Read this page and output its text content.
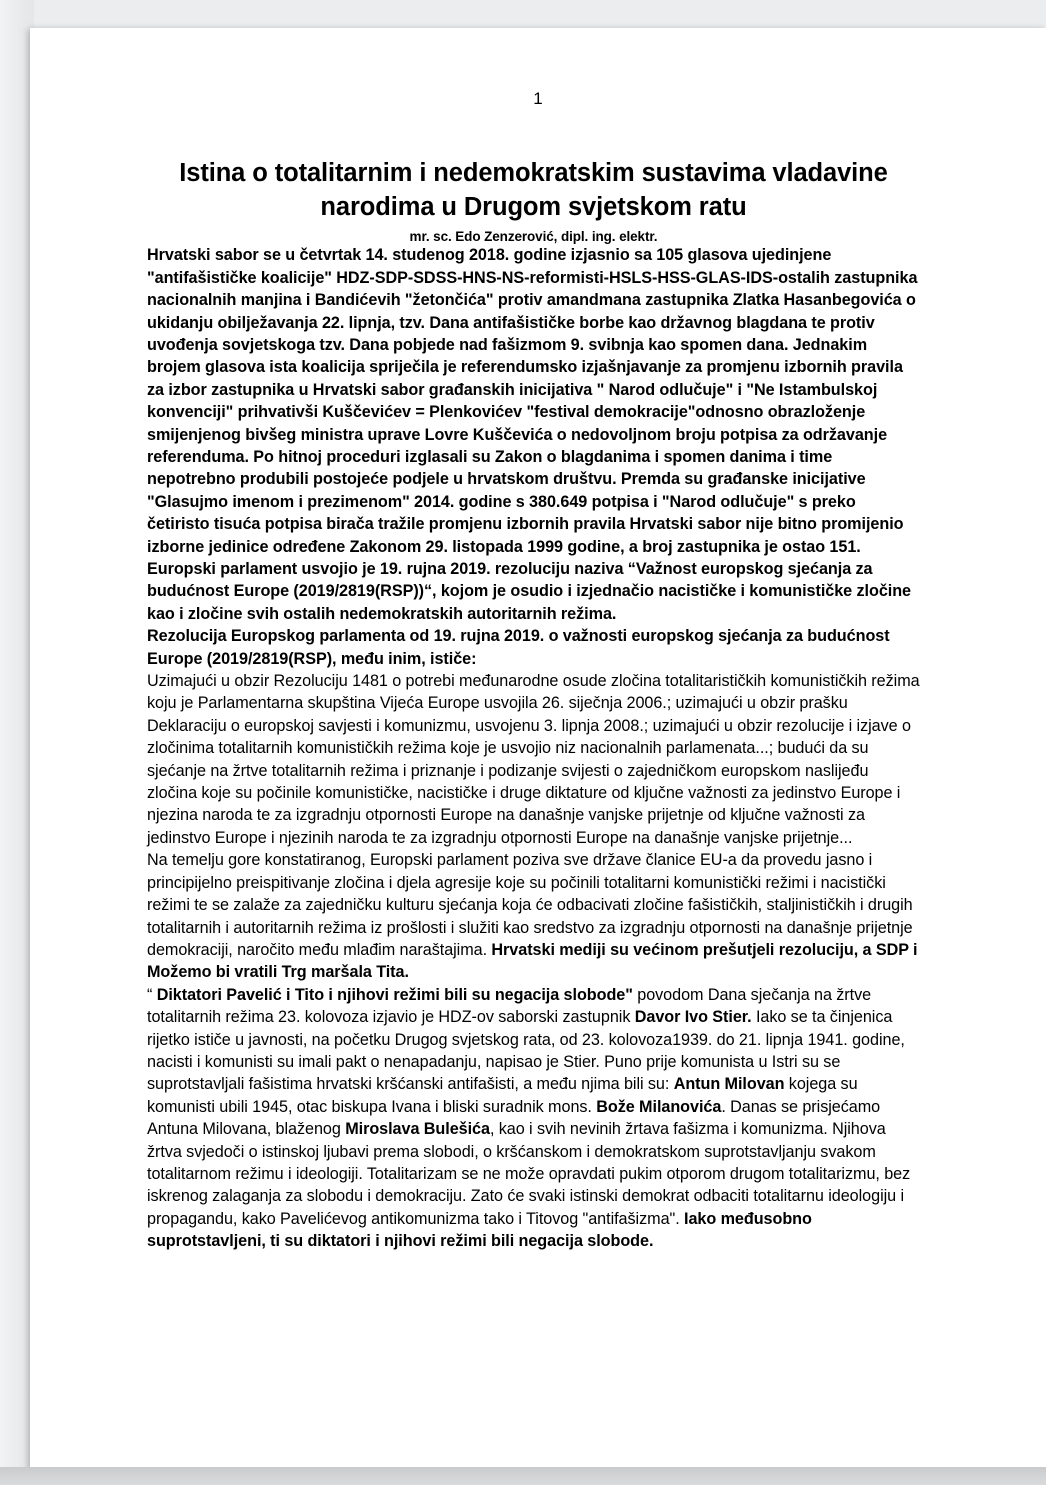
1
Istina o totalitarnim i nedemokratskim sustavima vladavine
narodima u Drugom svjetskom ratu
mr. sc. Edo Zenzerović, dipl. ing. elektr.

Hrvatski sabor se u četvrtak 14. studenog 2018. godine izjasnio sa 105 glasova ujedinjene "antifašističke koalicije" HDZ-SDP-SDSS-HNS-NS-reformisti-HSLS-HSS-GLAS-IDS-ostalih zastupnika nacionalnih manjina i Bandićevih "žetončića" protiv amandmana zastupnika Zlatka Hasanbegovića o ukidanju obilježavanja 22. lipnja, tzv. Dana antifašističke borbe kao državnog blagdana te protiv uvođenja sovjetskoga tzv. Dana pobjede nad fašizmom 9. svibnja kao spomen dana. Jednakim brojem glasova ista koalicija spriječila je referendumsko izjašnjavanje za promjenu izbornih pravila za izbor zastupnika u Hrvatski sabor građanskih inicijativa " Narod odlučuje" i "Ne Istambulskoj konvenciji" prihvativši Kuščevićev = Plenkovićev "festival demokracije"odnosno obrazloženje smijenjenog bivšeg ministra uprave Lovre Kuščevića o nedovoljnom broju potpisa za održavanje referenduma. Po hitnoj proceduri izglasali su Zakon o blagdanima i spomen danima i time nepotrebno produbili postojeće podjele u hrvatskom društvu. Premda su građanske inicijative "Glasujmo imenom i prezimenom" 2014. godine s 380.649 potpisa i "Narod odlučuje" s preko četiristo tisuća potpisa birača tražile promjenu izbornih pravila Hrvatski sabor nije bitno promijenio izborne jedinice određene Zakonom 29. listopada 1999 godine, a broj zastupnika je ostao 151.

Europski parlament usvojio je 19. rujna 2019. rezoluciju naziva “Važnost europskog sjećanja za budućnost Europe (2019/2819(RSP))“, kojom je osudio i izjednačio nacističke i komunističke zločine kao i zločine svih ostalih nedemokratskih autoritarnih režima.

Rezolucija Europskog parlamenta od 19. rujna 2019. o važnosti europskog sjećanja za budućnost Europe (2019/2819(RSP), među inim, ističe:

Uzimajući u obzir Rezoluciju 1481 o potrebi međunarodne osude zločina totalitarističkih komunističkih režima koju je Parlamentarna skupština Vijeća Europe usvojila 26. siječnja 2006.; uzimajući u obzir prašku Deklaraciju o europskoj savjesti i komunizmu, usvojenu 3. lipnja 2008.; uzimajući u obzir rezolucije i izjave o zločinima totalitarnih komunističkih režima koje je usvojio niz nacionalnih parlamenata...; budući da su sjećanje na žrtve totalitarnih režima i priznanje i podizanje svijesti o zajedničkom europskom naslijeđu zločina koje su počinile komunističke, nacističke i druge diktature od ključne važnosti za jedinstvo Europe i njezina naroda te za izgradnju otpornosti Europe na današnje vanjske prijetnje od ključne važnosti za jedinstvo Europe i njezinih naroda te za izgradnju otpornosti Europe na današnje vanjske prijetnje...

Na temelju gore konstatiranog, Europski parlament poziva sve države članice EU-a da provedu jasno i principijelno preispitivanje zločina i djela agresije koje su počinili totalitarni komunistički režimi i nacistički režimi te se zalaže za zajedničku kulturu sjećanja koja će odbacivati zločine fašističkih, staljinističkih i drugih totalitarnih i autoritarnih režima iz prošlosti i služiti kao sredstvo za izgradnju otpornosti na današnje prijetnje demokraciji, naročito među mlađim naraštajima. Hrvatski mediji su većinom prešutjeli rezoluciju, a SDP i Možemo bi vratili Trg maršala Tita.

“ Diktatori Pavelić i Tito i njihovi režimi bili su negacija slobode" povodom Dana sječanja na žrtve totalitarnih režima 23. kolovoza izjavio je HDZ-ov saborski zastupnik Davor Ivo Stier. Iako se ta činjenica rijetko ističe u javnosti, na početku Drugog svjetskog rata, od 23. kolovoza1939. do 21. lipnja 1941. godine, nacisti i komunisti su imali pakt o nenapadanju, napisao je Stier. Puno prije komunista u Istri su se suprotstavljali fašistima hrvatski kršćanski antifašisti, a među njima bili su: Antun Milovan kojega su komunisti ubili 1945, otac biskupa Ivana i bliski suradnik mons. Bože Milanovića. Danas se prisjećamo Antuna Milovana, blaženog Miroslava Bulešića, kao i svih nevinih žrtava fašizma i komunizma. Njihova žrtva svjedoči o istinskoj ljubavi prema slobodi, o kršćanskom i demokratskom suprotstavljanju svakom totalitarnom režimu i ideologiji. Totalitarizam se ne može opravdati pukim otporom drugom totalitarizmu, bez iskrenog zalaganja za slobodu i demokraciju. Zato će svaki istinski demokrat odbaciti totalitarnu ideologiju i propagandu, kako Pavelićevog antikomunizma tako i Titovog "antifašizma". Iako međusobno suprotstavljeni, ti su diktatori i njihovi režimi bili negacija slobode.
